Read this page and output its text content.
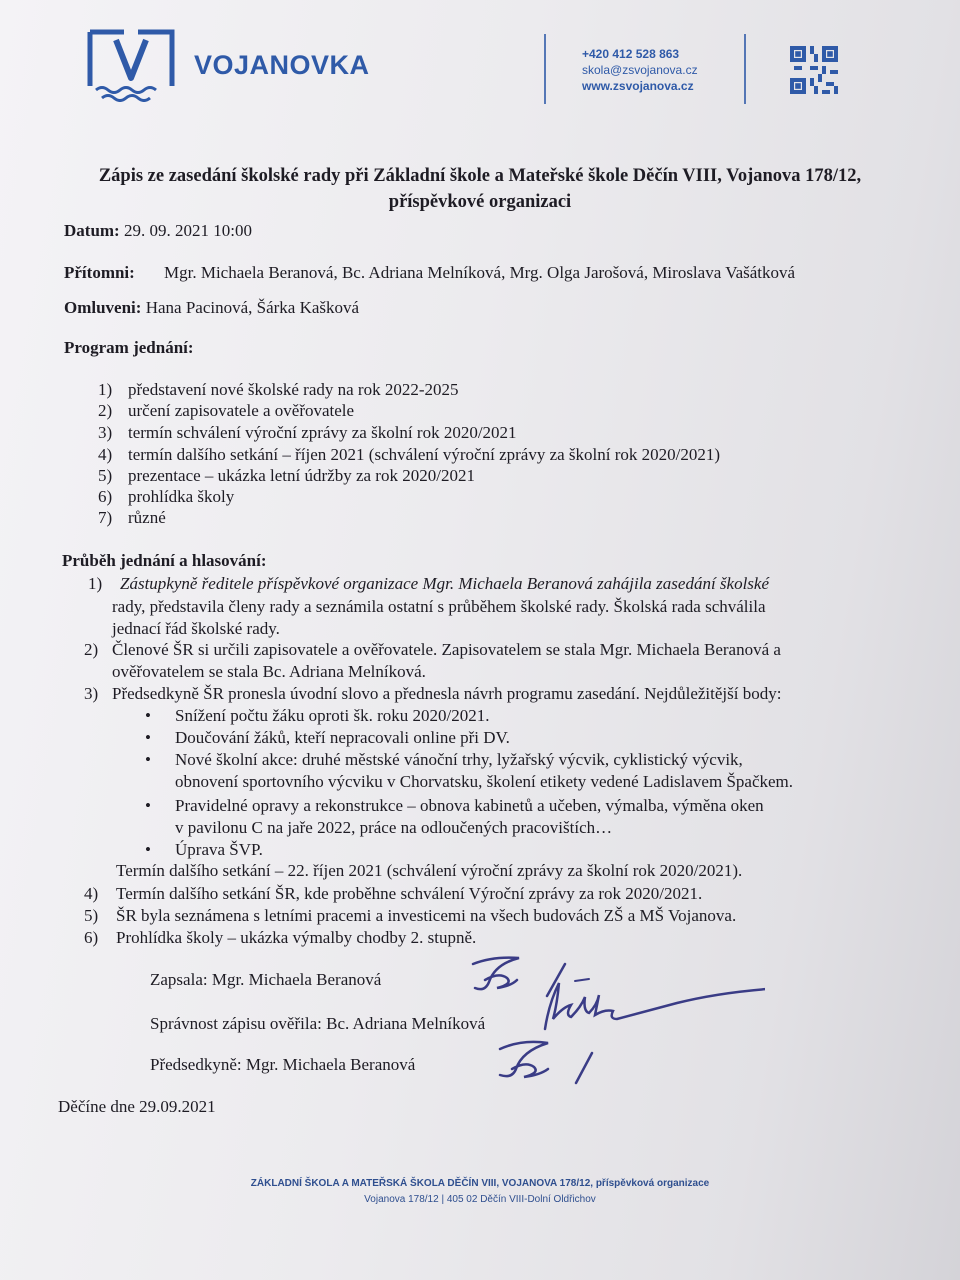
VOJANOVKA	+420 412 528 863
skola@zsvojanova.cz
www.zsvojanova.cz
Zápis ze zasedání školské rady při Základní škole a Mateřské škole Děčín VIII, Vojanova 178/12, příspěvkové organizaci
Datum: 29. 09. 2021 10:00
Přítomni: Mgr. Michaela Beranová, Bc. Adriana Melníková, Mrg. Olga Jarošová, Miroslava Vašátková
Omluveni: Hana Pacinová, Šárka Kašková
Program jednání:
1) představení nové školské rady na rok 2022-2025
2) určení zapisovatele a ověřovatele
3) termín schválení výroční zprávy za školní rok 2020/2021
4) termín dalšího setkání – říjen 2021 (schválení výroční zprávy za školní rok 2020/2021)
5) prezentace – ukázka letní údržby za rok 2020/2021
6) prohlídka školy
7) různé
Průběh jednání a hlasování:
1) Zástupkyně ředitele příspěvkové organizace Mgr. Michaela Beranová zahájila zasedání školské
rady, představila členy rady a seznámila ostatní s průběhem školské rady. Školská rada schválila
jednací řád školské rady.
2) Členové ŠR si určili zapisovatele a ověřovatele. Zapisovatelem se stala Mgr. Michaela Beranová a
ověřovatelem se stala Bc. Adriana Melníková.
3) Předsedkyně ŠR pronesla úvodní slovo a přednesla návrh programu zasedání. Nejdůležitější body:
• Snížení počtu žáku oproti šk. roku 2020/2021.
• Doučování žáků, kteří nepracovali online při DV.
• Nové školní akce: druhé městské vánoční trhy, lyžařský výcvik, cyklistický výcvik,
obnovení sportovního výcviku v Chorvatsku, školení etikety vedené Ladislavem Špačkem.
• Pravidelné opravy a rekonstrukce – obnova kabinetů a učeben, výmalba, výměna oken
v pavilonu C na jaře 2022, práce na odloučených pracovištích…
• Úprava ŠVP.
Termín dalšího setkání – 22. říjen 2021 (schválení výroční zprávy za školní rok 2020/2021).
4) Termín dalšího setkání ŠR, kde proběhne schválení Výroční zprávy za rok 2020/2021.
5) ŠR byla seznámena s letními pracemi a investicemi na všech budovách ZŠ a MŠ Vojanova.
6) Prohlídka školy – ukázka výmalby chodby 2. stupně.
Zapsala: Mgr. Michaela Beranová
Správnost zápisu ověřila: Bc. Adriana Melníková
Předsedkyně: Mgr. Michaela Beranová
Děčíne dne 29.09.2021
ZÁKLADNÍ ŠKOLA A MATEŘSKÁ ŠKOLA DĚČÍN VIII, VOJANOVA 178/12, příspěvková organizace
Vojanova 178/12 | 405 02 Děčín VIII-Dolní Oldřichov
